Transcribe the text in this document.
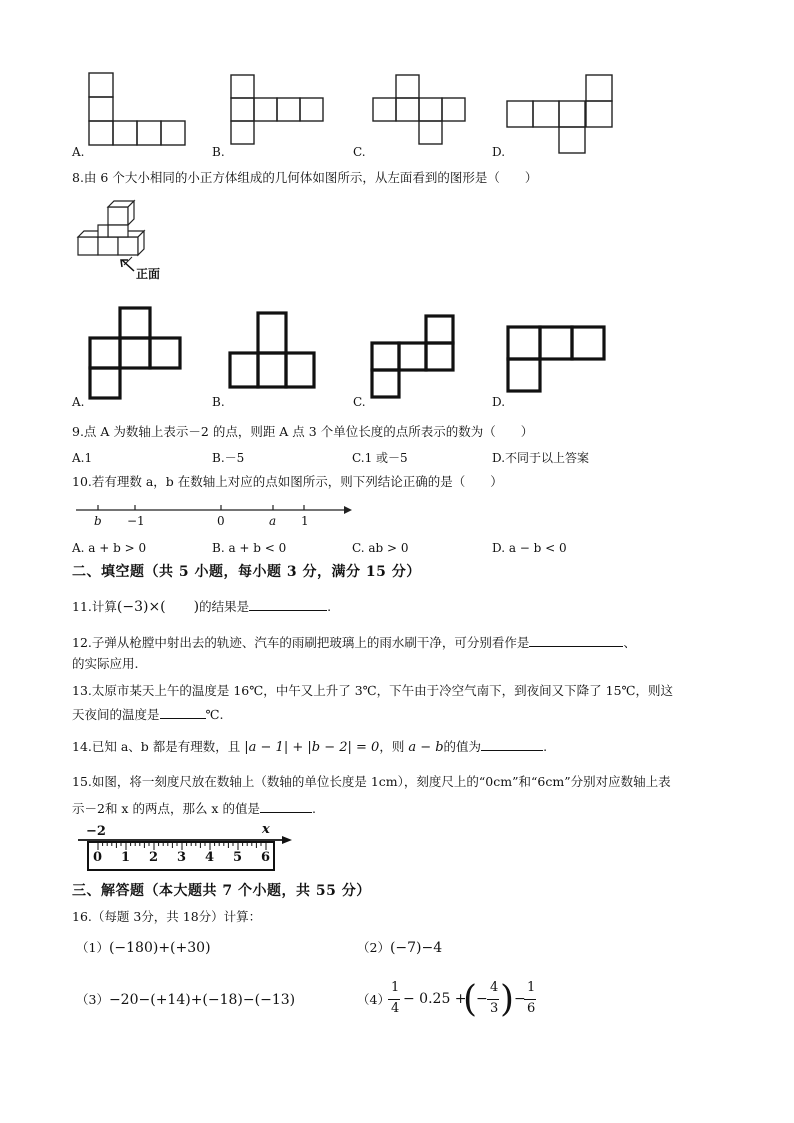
A.	B.	C.	D.
8.由 6 个大小相同的小正方体组成的几何体如图所示，从左面看到的图形是（　　）
正面
A.	B.	C.	D.
9.点 A 为数轴上表示－2 的点，则距 A 点 3 个单位长度的点所表示的数为（　　）
A.1	B.－5	C.1 或－5	D.不同于以上答案
10.若有理数 a，b 在数轴上对应的点如图所示，则下列结论正确的是（　　）
b −1	0	a 1
A. a + b > 0	B. a + b < 0	C. ab > 0	D. a − b < 0
二、填空题（共 5 小题，每小题 3 分，满分 15 分）
11.计算(−3)×(　　)的结果是	.
12.子弹从枪膛中射出去的轨迹、汽车的雨刷把玻璃上的雨水刷干净，可分别看作是	、
的实际应用.
13.太原市某天上午的温度是 16℃，中午又上升了 3℃，下午由于冷空气南下，到夜间又下降了 15℃，则这
天夜间的温度是	℃.
14.已知 a、b 都是有理数，且 |a − 1| + |b − 2| = 0，则 a − b的值为	.
15.如图，将一刻度尺放在数轴上（数轴的单位长度是 1cm），刻度尺上的“0cm”和“6cm”分别对应数轴上表
示－2和 x 的两点，那么 x 的值是	.
−2	x
0 1 2 3 4 5 6
三、解答题（本大题共 7 个小题，共 55 分）
16.（每题 3分，共 18分）计算：
（1）(−180)+(+30)	（2）(−7)−4
（3）−20−(+14)+(−18)−(−13)	（4）
1
4
− 0.25 +
(
−
4
3 ) −
1
6
